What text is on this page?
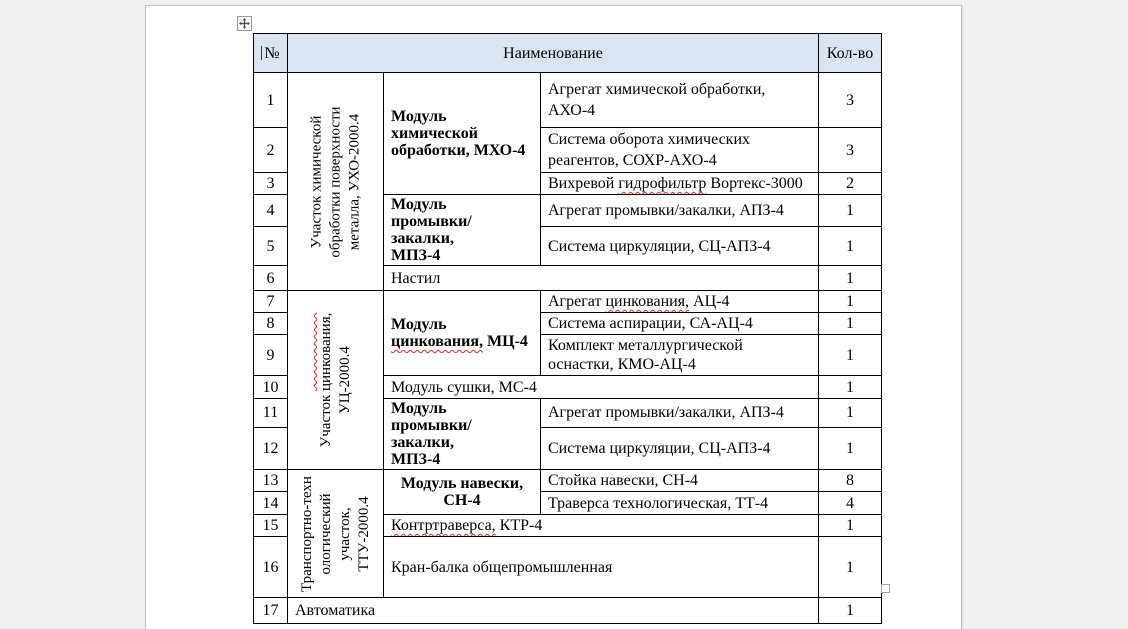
№	Наименование			Кол-во
1	Участок химической обработки поверхности металла, УХО-2000.4	Модуль химической
обработки, МХО-4	Агрегат химической обработки,
АХО-4	3
2			Система оборота химических
реагентов, СОХР-АХО-4	3
3			Вихревой гидрофильтр Вортекс-3000	2
4		Модуль
промывки/закалки,
МПЗ-4	Агрегат промывки/закалки, АПЗ-4	1
5			Система циркуляции, СЦ-АПЗ-4	1
6		Настил		1
7	Участок цинкования, УЦ-2000.4	Модуль
цинкования, МЦ-4	Агрегат цинкования, АЦ-4	1
8			Система аспирации, СА-АЦ-4	1
9			Комплект металлургической
оснастки, КМО-АЦ-4	1
10		Модуль сушки, МС-4		1
11		Модуль
промывки/закалки,
МПЗ-4	Агрегат промывки/закалки, АПЗ-4	1
12			Система циркуляции, СЦ-АПЗ-4	1
13	Транспортно-техн ологический участок, ТТУ-2000.4	Модуль навески,
СН-4	Стойка навески, СН-4	8
14			Траверса технологическая, ТТ-4	4
15		Контртраверса, КТР-4		1
16		Кран-балка общепромышленная		1
17	Автоматика			1
